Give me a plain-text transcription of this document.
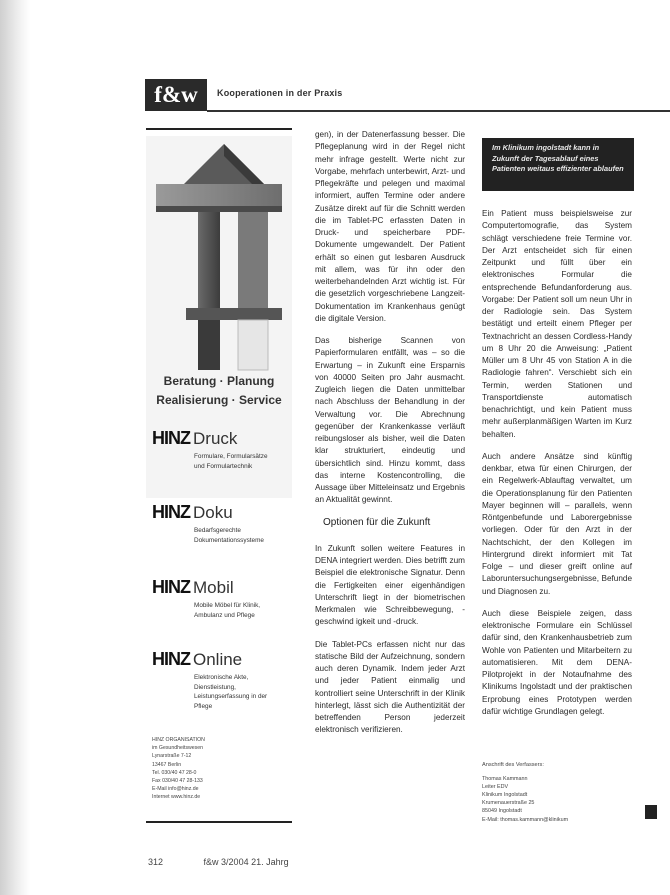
f&w	Kooperationen in der Praxis
Beratung · Planung
Realisierung · Service
HINZ Druck
Formulare, Formularsätze und Formulartechnik
HINZ Doku
Bedarfsgerechte Dokumentationssysteme
HINZ Mobil
Mobile Möbel für Klinik, Ambulanz und Pflege
HINZ Online
Elektronische Akte, Dienstleistung, Leistungserfassung in der Pflege
HINZ ORGANISATION
im Gesundheitswesen
Lynarstraße 7-12
13467 Berlin
Tel. 030/40 47 28-0
Fax 030/40 47 28-133
E-Mail info@hinz.de
Internet www.hinz.de

gen), in der Datenerfassung besser. Die Pflegeplanung wird in der Regel nicht mehr infrage gestellt. Werte nicht zur Vorgabe, mehrfach unterbewirt, Arzt- und Pflegekräfte und pelegen und maximal informiert, auffen Termine oder andere Zusätze direkt auf für die Schnitt werden die im Tablet-PC erfassten Daten in Druck- und speicherbare PDF-Dokumente umgewandelt. Der Patient erhält so einen gut lesbaren Ausdruck mit allem, was für ihn oder den weiterbehandelnden Arzt wichtig ist. Für die gesetzlich vorgeschriebene Langzeit-Dokumentation im Krankenhaus genügt die digitale Version.

Das bisherige Scannen von Papierformularen entfällt, was – so die Erwartung – in Zukunft eine Ersparnis von 40000 Seiten pro Jahr ausmacht. Zugleich liegen die Daten unmittelbar nach Abschluss der Behandlung in der Verwaltung vor. Die Abrechnung gegenüber der Krankenkasse verläuft reibungsloser als bisher, weil die Daten klar strukturiert, eindeutig und übersichtlich sind. Hinzu kommt, dass das interne Kostencontrolling, die Aussage über Mitteleinsatz und Ergebnis an Aktualität gewinnt.

Optionen für die Zukunft

In Zukunft sollen weitere Features in DENA integriert werden. Dies betrifft zum Beispiel die elektronische Signatur. Denn die Fertigkeiten einer eigenhändigen Unterschrift liegt in der biometrischen Merkmalen wie Schreibbewegung, -geschwind igkeit und -druck.

Die Tablet-PCs erfassen nicht nur das statische Bild der Aufzeichnung, sondern auch deren Dynamik. Indem jeder Arzt und jeder Patient einmalig und kontrolliert seine Unterschrift in der Klinik hinterlegt, lässt sich die Authentizität der betreffenden Person jederzeit elektronisch verifizieren.

Im Klinikum ingolstadt kann in Zukunft der Tagesablauf eines Patienten weitaus effizienter ablaufen

Ein Patient muss beispielsweise zur Computertomografie, das System schlägt verschiedene freie Termine vor. Der Arzt entscheidet sich für einen Zeitpunkt und füllt über ein elektronisches Formular die entsprechende Befundanforderung aus. Vorgabe: Der Patient soll um neun Uhr in der Radiologie sein. Das System bestätigt und erteilt einem Pfleger per Textnachricht an dessen Cordless-Handy um 8 Uhr 20 die Anweisung: „Patient Müller um 8 Uhr 45 von Station A in die Radiologie fahren“. Verschiebt sich ein Termin, werden Stationen und Transportdienste automatisch benachrichtigt, und kein Patient muss mehr außerplanmäßigen Warten im Kurz behalten.

Auch andere Ansätze sind künftig denkbar, etwa für einen Chirurgen, der ein Regelwerk-Ablauftag verwaltet, um die Operationsplanung für den Patienten Mayer beginnen will – parallels, wenn Röntgenbefunde und Laborergebnisse vorliegen. Oder für den Arzt in der Nachtschicht, der den Kollegen im Hintergrund direkt informiert mit Tat Folge – und dieser greift online auf Laboruntersuchungsergebnisse, Befunde und Diagnosen zu.

Auch diese Beispiele zeigen, dass elektronische Formulare ein Schlüssel dafür sind, den Krankenhausbetrieb zum Wohle von Patienten und Mitarbeitern zu automatisieren. Mit dem DENA-Pilotprojekt in der Notaufnahme des Klinikums Ingolstadt und der praktischen Erprobung eines Prototypen werden dafür wichtige Grundlagen gelegt.

Anschrift des Verfassers:
Thomas Kammann
Leiter EDV
Klinikum Ingolstadt
Krumenauerstraße 25
85049 Ingolstadt
E-Mail: thomas.kammann@klinikum
312	f&w 3/2004 21. Jahrg
